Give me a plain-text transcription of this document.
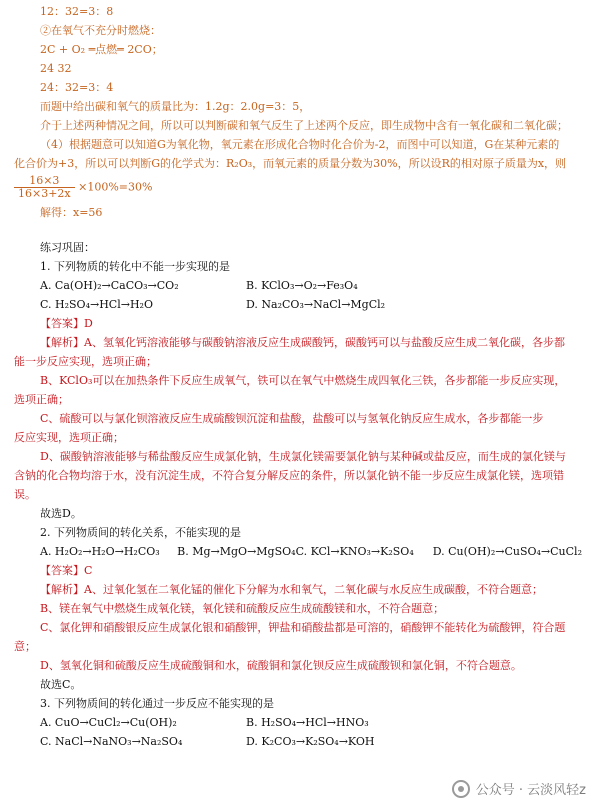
12：32=3：8
②在氧气不充分时燃烧：
2C + O₂ ═点燃═ 2CO；
24 32
24：32=3：4
而题中给出碳和氧气的质量比为：1.2g：2.0g=3：5，
介于上述两种情况之间，所以可以判断碳和氧气反生了上述两个反应，即生成物中含有一氧化碳和二氧化碳；
（4）根据题意可以知道G为氧化物，氧元素在形成化合物时化合价为-2，而图中可以知道，G在某种元素的
化合价为+3，所以可以判断G的化学式为：R₂O₃，而氧元素的质量分数为30%，所以设R的相对原子质量为x，则
$\frac{16\times 3}{16\times 3+2x} \times 100\%=30\%$
解得：x=56
练习巩固：
1. 下列物质的转化中不能一步实现的是
A. Ca(OH)₂→CaCO₃→CO₂	B. KClO₃→O₂→Fe₃O₄
C. H₂SO₄→HCl→H₂O	D. Na₂CO₃→NaCl→MgCl₂
【答案】D
【解析】A、氢氧化钙溶液能够与碳酸钠溶液反应生成碳酸钙，碳酸钙可以与盐酸反应生成二氧化碳，各步都
能一步反应实现，选项正确；
B、KClO₃可以在加热条件下反应生成氧气，铁可以在氧气中燃烧生成四氧化三铁，各步都能一步反应实现，
选项正确；
C、硫酸可以与氯化钡溶液反应生成硫酸钡沉淀和盐酸，盐酸可以与氢氧化钠反应生成水，各步都能一步
反应实现，选项正确；
D、碳酸钠溶液能够与稀盐酸反应生成氯化钠，生成氯化镁需要氯化钠与某种碱或盐反应，而生成的氯化镁与
含钠的化合物均溶于水，没有沉淀生成，不符合复分解反应的条件，所以氯化钠不能一步反应生成氯化镁，选项错
误。
故选D。
2. 下列物质间的转化关系，不能实现的是
A. H₂O₂→H₂O→H₂CO₃	B. Mg→MgO→MgSO₄ C. KCl→KNO₃→K₂SO₄	D. Cu(OH)₂→CuSO₄→CuCl₂
【答案】C
【解析】A、过氧化氢在二氧化锰的催化下分解为水和氧气，二氧化碳与水反应生成碳酸，不符合题意；
B、镁在氧气中燃烧生成氧化镁，氧化镁和硫酸反应生成硫酸镁和水，不符合题意；
C、氯化钾和硝酸银反应生成氯化银和硝酸钾，钾盐和硝酸盐都是可溶的，硝酸钾不能转化为硫酸钾，符合题
意；
D、氢氧化铜和硫酸反应生成硫酸铜和水，硫酸铜和氯化钡反应生成硫酸钡和氯化铜，不符合题意。
故选C。
3. 下列物质间的转化通过一步反应不能实现的是
A. CuO→CuCl₂→Cu(OH)₂	B. H₂SO₄→HCl→HNO₃
C. NaCl→NaNO₃→Na₂SO₄	D. K₂CO₃→K₂SO₄→KOH
公众号 · 云淡风轻z
